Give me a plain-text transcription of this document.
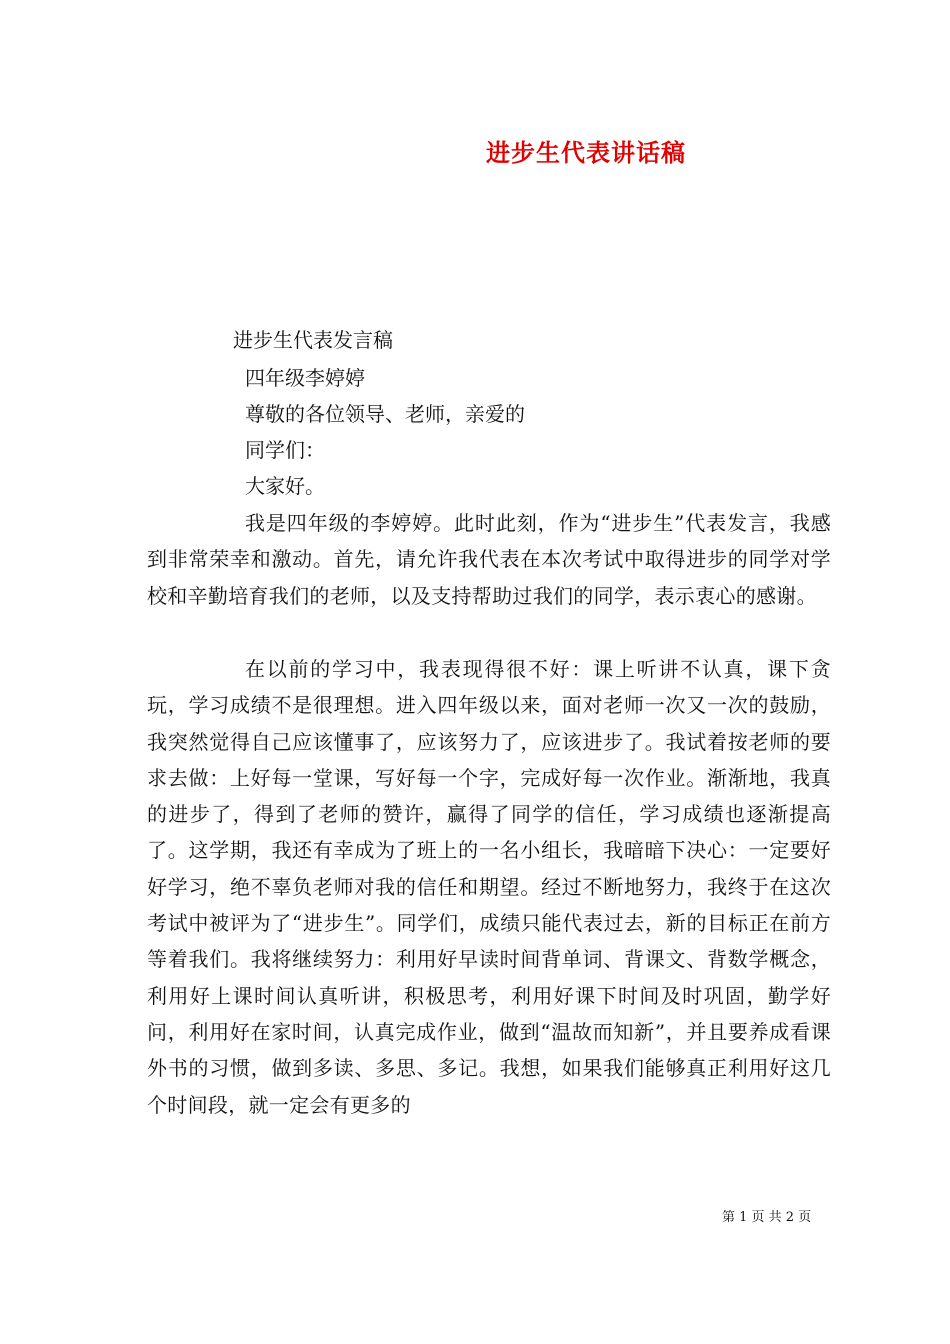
进步生代表讲话稿
进步生代表发言稿
四年级李婷婷
尊敬的各位领导、老师，亲爱的
同学们：
大家好。
我是四年级的李婷婷。此时此刻，作为“进步生”代表发言，我感到非常荣幸和激动。首先，请允许我代表在本次考试中取得进步的同学对学校和辛勤培育我们的老师，以及支持帮助过我们的同学，表示衷心的感谢。
在以前的学习中，我表现得很不好：课上听讲不认真，课下贪玩，学习成绩不是很理想。进入四年级以来，面对老师一次又一次的鼓励，我突然觉得自己应该懂事了，应该努力了，应该进步了。我试着按老师的要求去做：上好每一堂课，写好每一个字，完成好每一次作业。渐渐地，我真的进步了，得到了老师的赞许，赢得了同学的信任，学习成绩也逐渐提高了。这学期，我还有幸成为了班上的一名小组长，我暗暗下决心：一定要好好学习，绝不辜负老师对我的信任和期望。经过不断地努力，我终于在这次考试中被评为了“进步生”。同学们，成绩只能代表过去，新的目标正在前方等着我们。我将继续努力：利用好早读时间背单词、背课文、背数学概念，利用好上课时间认真听讲，积极思考，利用好课下时间及时巩固，勤学好问，利用好在家时间，认真完成作业，做到“温故而知新”，并且要养成看课外书的习惯，做到多读、多思、多记。我想，如果我们能够真正利用好这几个时间段，就一定会有更多的
第 1 页 共 2 页
